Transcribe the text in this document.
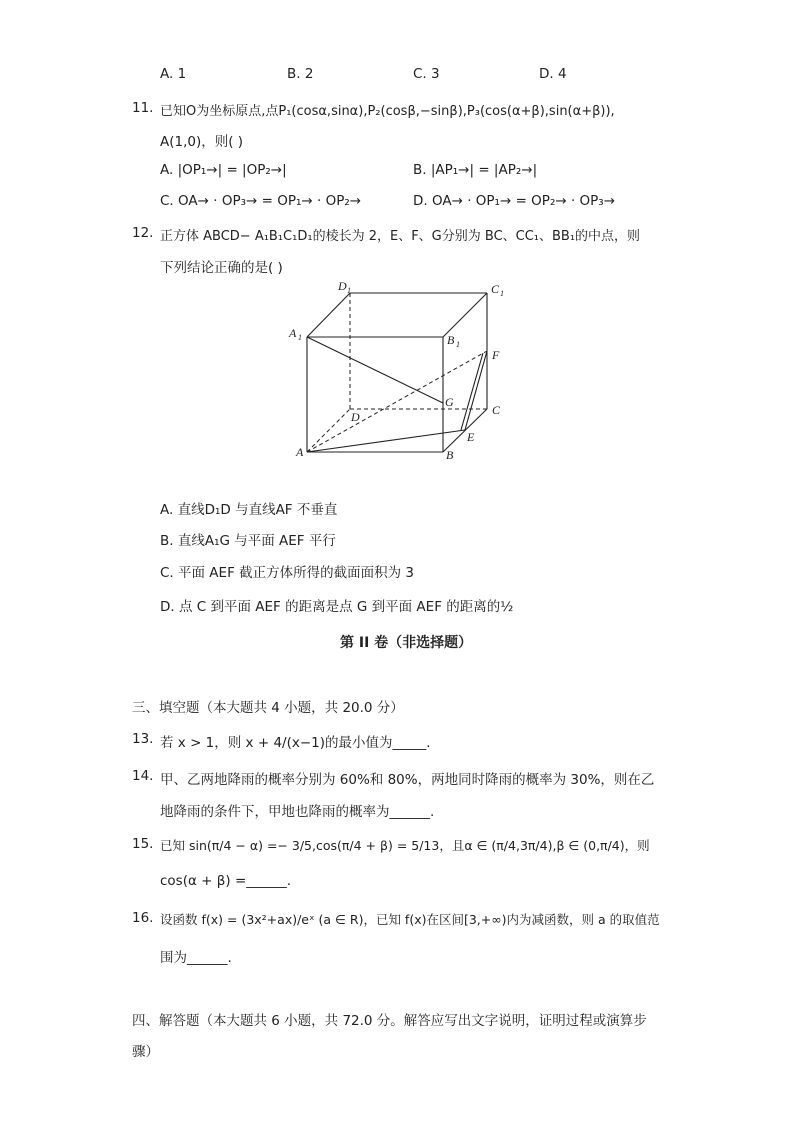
A. 1	B. 2	C. 3	D. 4
11. 已知O为坐标原点,点P₁(cosα,sinα),P₂(cosβ,−sinβ),P₃(cos(α+β),sin(α+β)),
A(1,0)，则( )
A. |OP₁→| = |OP₂→|	B. |AP₁→| = |AP₂→|
C. OA→ · OP₃→ = OP₁→ · OP₂→	D. OA→ · OP₁→ = OP₂→ · OP₃→
12. 正方体 ABCD− A₁B₁C₁D₁的棱长为 2，E、F、G分别为 BC、CC₁、BB₁的中点，则
下列结论正确的是( )
D 1	C 1
A 1	B 1
F
G
C
D
E
A	B
A. 直线D₁D 与直线AF 不垂直
B. 直线A₁G 与平面 AEF 平行
C. 平面 AEF 截正方体所得的截面面积为 3
D. 点 C 到平面 AEF 的距离是点 G 到平面 AEF 的距离的½
第 II 卷（非选择题）
三、填空题（本大题共 4 小题，共 20.0 分）
13. 若 x > 1，则 x + 4/(x−1)的最小值为_____.
14. 甲、乙两地降雨的概率分别为 60%和 80%，两地同时降雨的概率为 30%，则在乙
地降雨的条件下，甲地也降雨的概率为______.
15. 已知 sin(π/4 − α) =− 3/5,cos(π/4 + β) = 5/13，且α ∈ (π/4,3π/4),β ∈ (0,π/4)，则
cos(α + β) =______.
16. 设函数 f(x) = (3x²+ax)/eˣ (a ∈ R)，已知 f(x)在区间[3,+∞)内为减函数，则 a 的取值范
围为______.
四、解答题（本大题共 6 小题，共 72.0 分。解答应写出文字说明，证明过程或演算步
骤）
